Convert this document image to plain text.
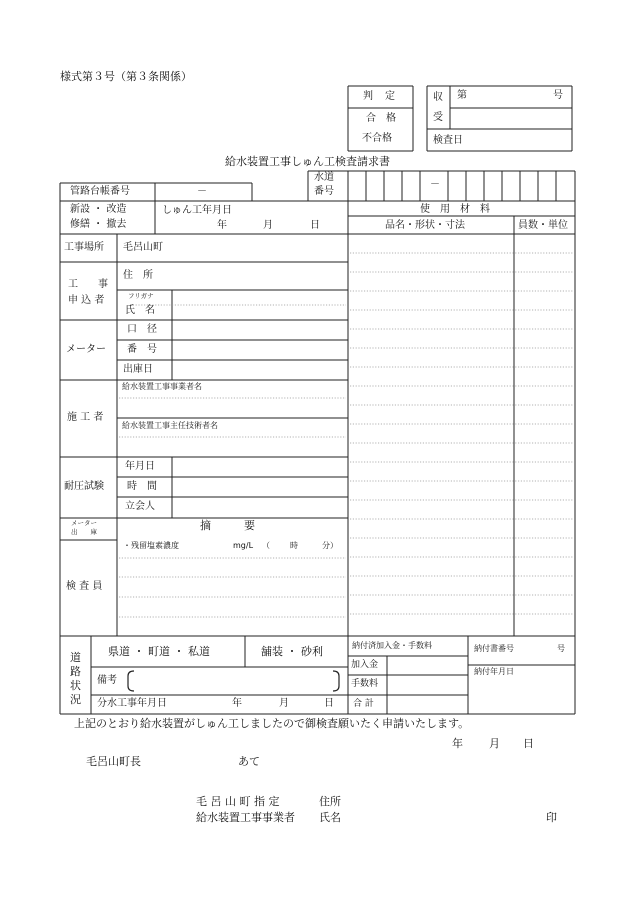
様式第３号（第３条関係）
判　定
合　格
不合格
収
受
第	号
検査日
給水装置工事しゅん工検査請求書
水道
番号
－
管路台帳番号	－
新設 ・ 改造
修繕 ・ 撤去
しゅん工年月日
年	月	日
使　用　材　料
品名・形状・寸法	員数・単位
工事場所 毛呂山町
工　　事
申 込 者
住　所
フリガナ
氏　名
メーター
口　径
番　号
出庫日
施 工 者
給水装置工事事業者名
給水装置工事主任技術者名
耐圧試験
年月日
時　間
立会人
メーター
出　　庫	摘　　　要
・残留塩素濃度	mg/L （	時	分）
検 査 員
道
路
状
況
県道 ・ 町道 ・ 私道	舗装 ・ 砂利
備考
分水工事年月日	年	月	日
納付済加入金・手数料
加入金
手数料
合 計
納付書番号	号
納付年月日
上記のとおり給水装置がしゅん工しましたので御検査願いたく申請いたします。
年 月 日
毛呂山町長	あて
毛 呂 山 町 指 定	住所
給水装置工事事業者 氏名	印
